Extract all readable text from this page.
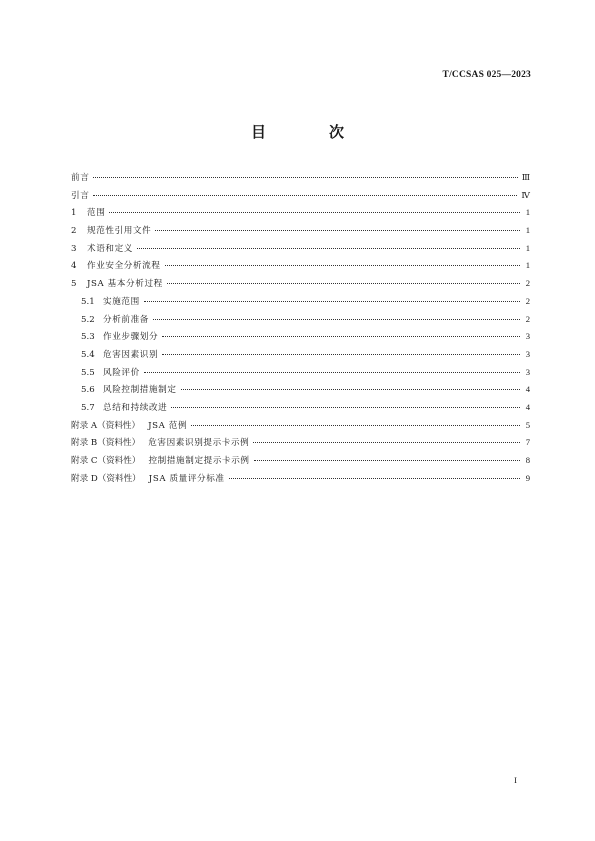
T/CCSAS 025—2023
目　次
前言	Ⅲ
引言	Ⅳ
1	范围	1
2	规范性引用文件	1
3	术语和定义	1
4	作业安全分析流程	1
5	JSA 基本分析过程	2
5.1 实施范围	2
5.2 分析前准备	2
5.3 作业步骤划分	3
5.4 危害因素识别	3
5.5 风险评价	3
5.6 风险控制措施制定	4
5.7 总结和持续改进	4
附录 A（资料性） JSA 范例	5
附录 B（资料性） 危害因素识别提示卡示例	7
附录 C（资料性） 控制措施制定提示卡示例	8
附录 D（资料性） JSA 质量评分标准	9
I
